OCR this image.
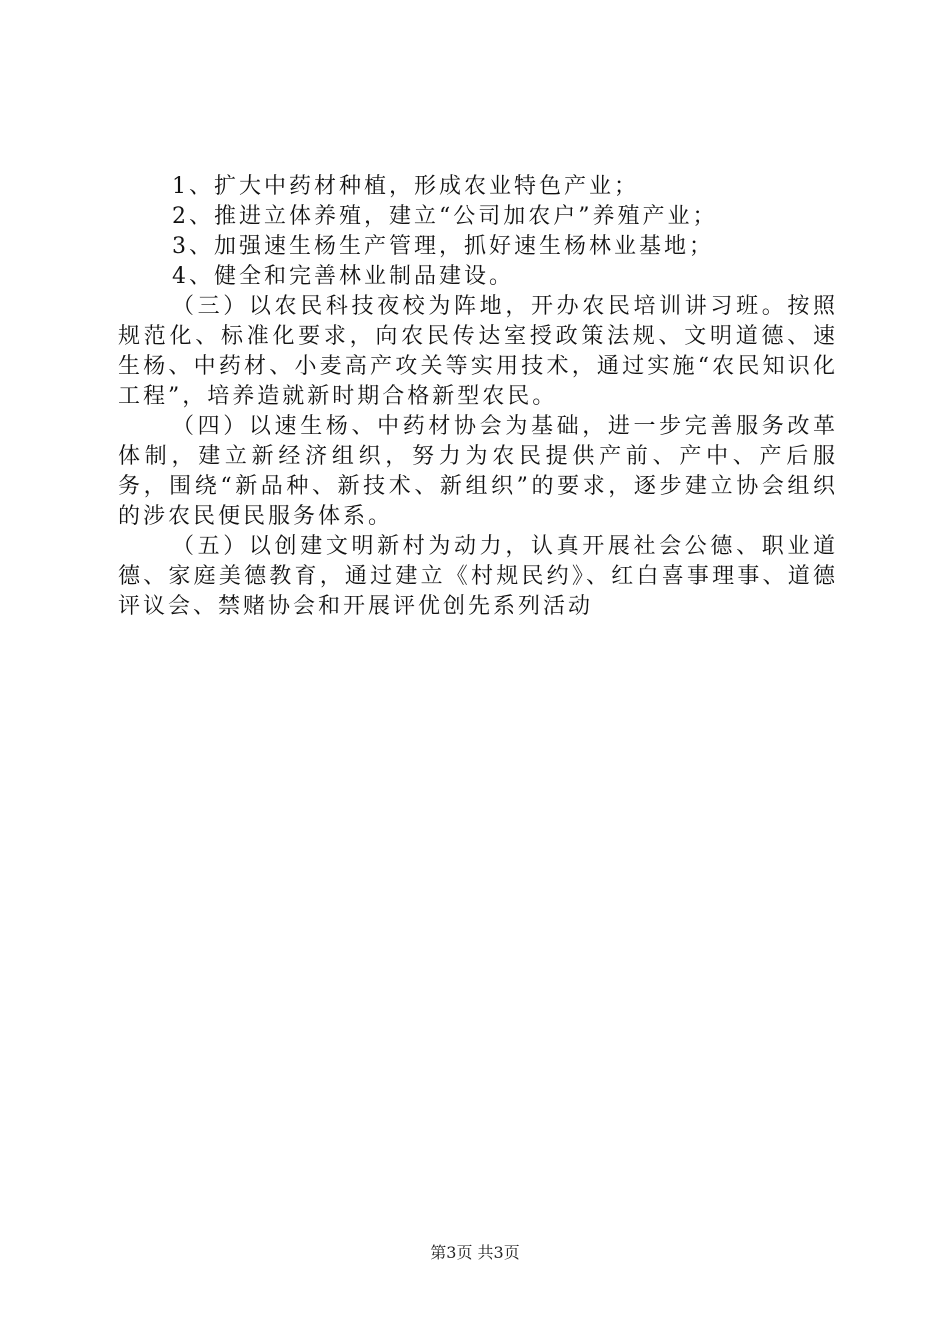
1、扩大中药材种植，形成农业特色产业；

2、推进立体养殖，建立“公司加农户”养殖产业；

3、加强速生杨生产管理，抓好速生杨林业基地；

4、健全和完善林业制品建设。

（三）以农民科技夜校为阵地，开办农民培训讲习班。按照规范化、标准化要求，向农民传达室授政策法规、文明道德、速生杨、中药材、小麦高产攻关等实用技术，通过实施“农民知识化工程”，培养造就新时期合格新型农民。

（四）以速生杨、中药材协会为基础，进一步完善服务改革体制，建立新经济组织，努力为农民提供产前、产中、产后服务，围绕“新品种、新技术、新组织”的要求，逐步建立协会组织的涉农民便民服务体系。

（五）以创建文明新村为动力，认真开展社会公德、职业道德、家庭美德教育，通过建立《村规民约》、红白喜事理事、道德评议会、禁赌协会和开展评优创先系列活动

第3页 共3页
